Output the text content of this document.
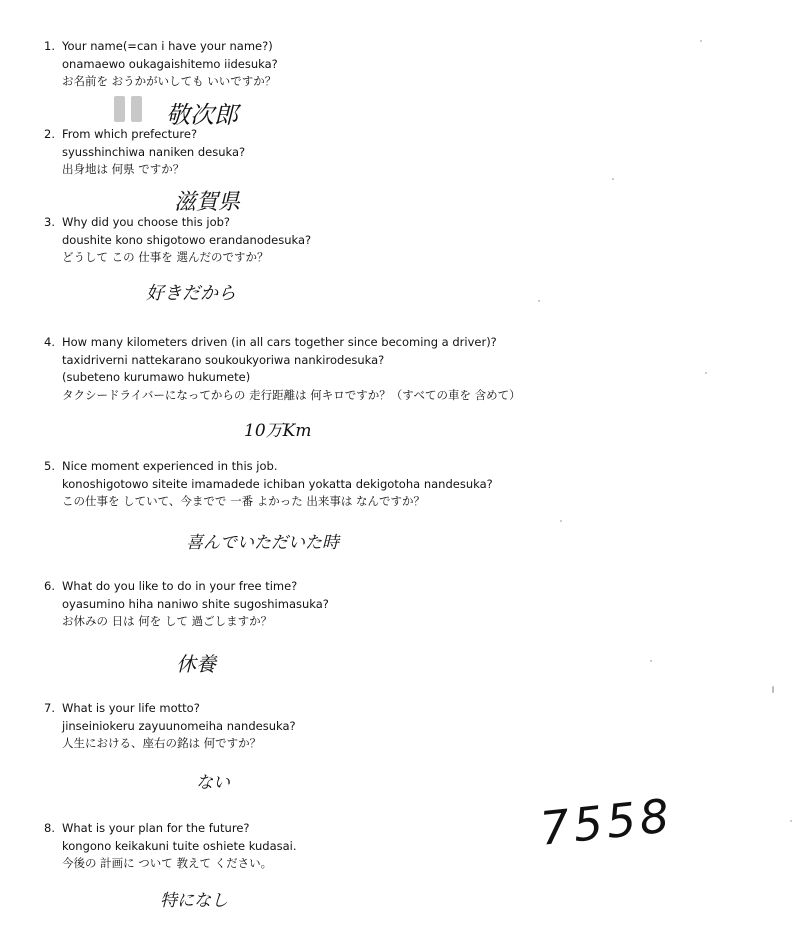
1. Your name(=can i have your name?)
onamaewo oukagaishitemo iidesuka?
お名前を おうかがいしても いいですか？
敬次郎
2. From which prefecture?
syusshinchiwa naniken desuka?
出身地は 何県 ですか？
滋賀県
3. Why did you choose this job?
doushite kono shigotowo erandanodesuka?
どうして この 仕事を 選んだのですか？
好きだから
4. How many kilometers driven (in all cars together since becoming a driver)?
taxidriverni nattekarano soukoukyoriwa nankirodesuka?
(subeteno kurumawo hukumete)
タクシードライバーになってからの 走行距離は 何キロですか？（すべての車を 含めて）
10万Km
5. Nice moment experienced in this job.
konoshigotowo siteite imamadede ichiban yokatta dekigotoha nandesuka?
この仕事を していて、今までで 一番 よかった 出来事は なんですか？
喜んでいただいた時
6. What do you like to do in your free time?
oyasumino hiha naniwo shite sugoshimasuka?
お休みの 日は 何を して 過ごしますか？
休養
7. What is your life motto?
jinseiniokeru zayuunomeiha nandesuka?
人生における、座右の銘は 何ですか？
ない
8. What is your plan for the future?
kongono keikakuni tuite oshiete kudasai.
今後の 計画に ついて 教えて ください。
特になし
7558
